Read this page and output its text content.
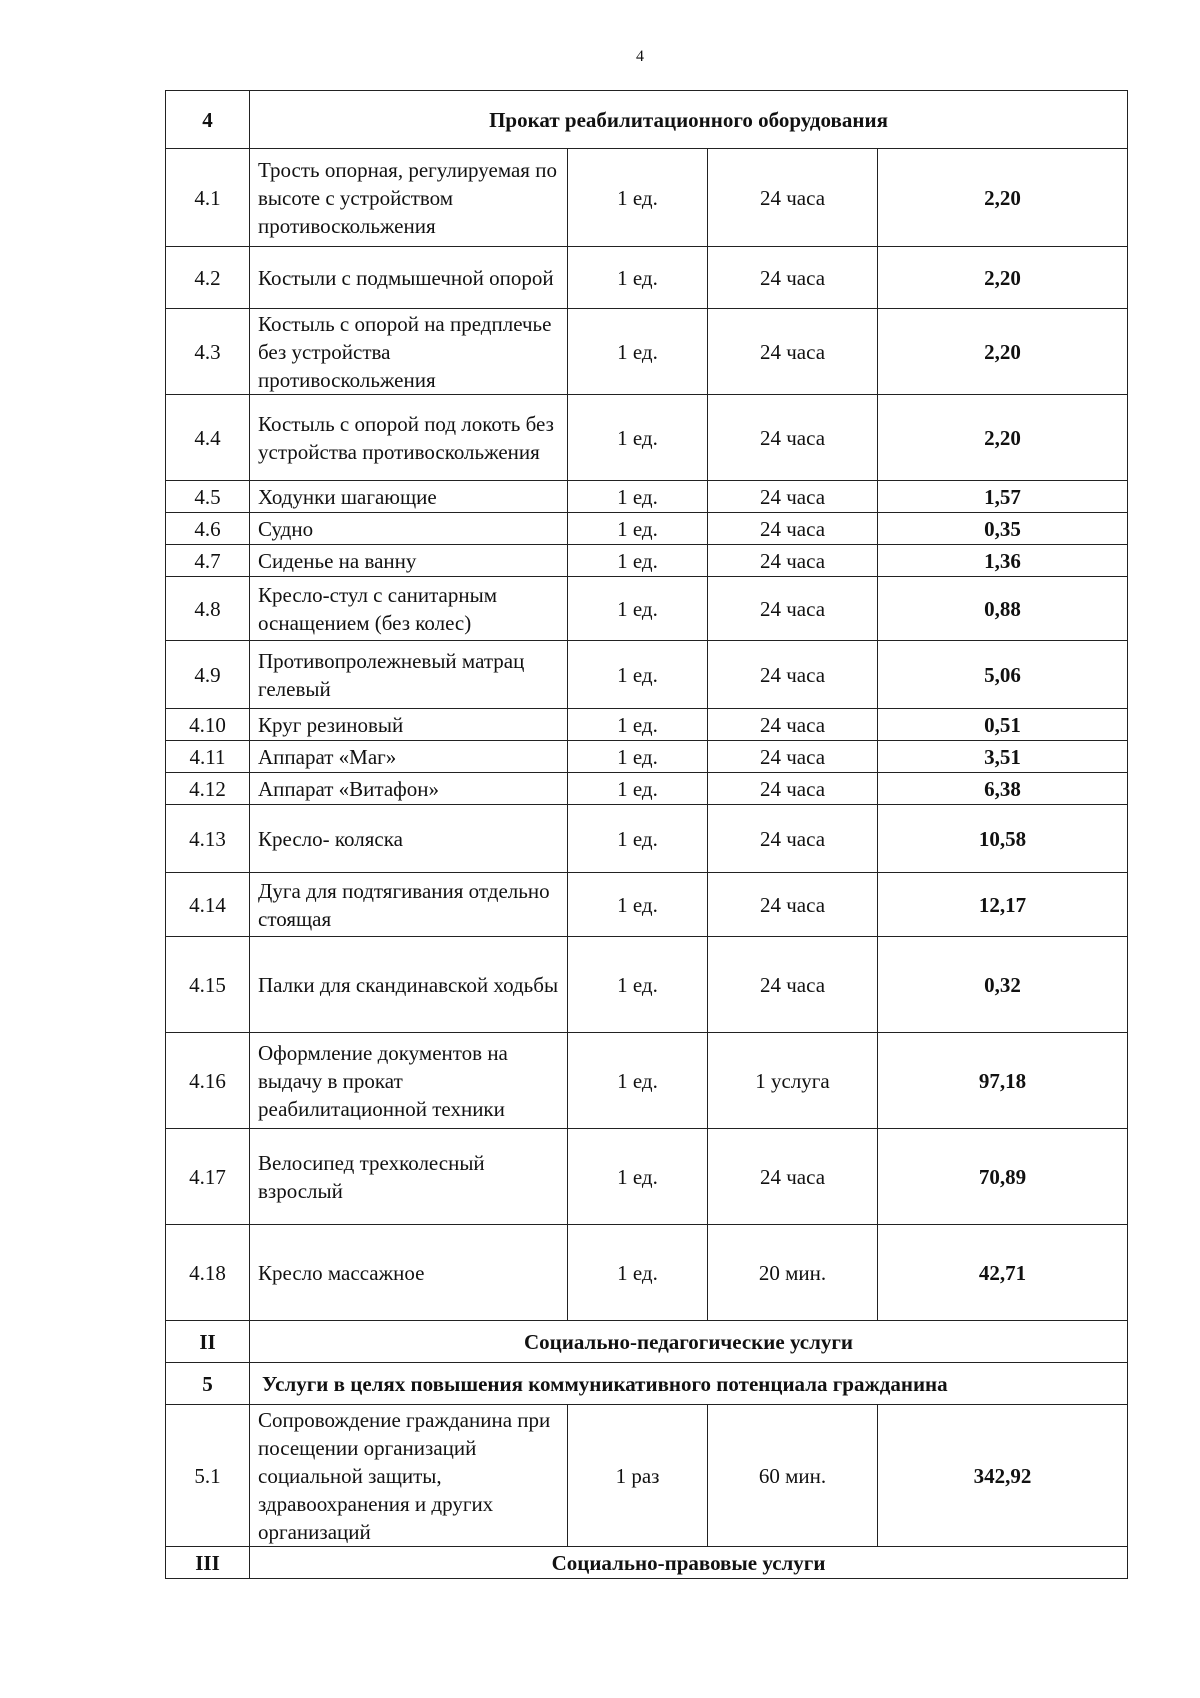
4
4	Прокат реабилитационного оборудования			
4.1	Трость опорная, регулируемая по высоте с устройством противоскольжения	1 ед.	24 часа	2,20
4.2	Костыли с подмышечной опорой	1 ед.	24 часа	2,20
4.3	Костыль с опорой на предплечье без устройства противоскольжения	1 ед.	24 часа	2,20
4.4	Костыль с опорой под локоть без устройства противоскольжения	1 ед.	24 часа	2,20
4.5	Ходунки шагающие	1 ед.	24 часа	1,57
4.6	Судно	1 ед.	24 часа	0,35
4.7	Сиденье на ванну	1 ед.	24 часа	1,36
4.8	Кресло-стул с санитарным оснащением (без колес)	1 ед.	24 часа	0,88
4.9	Противопролежневый матрац гелевый	1 ед.	24 часа	5,06
4.10	Круг резиновый	1 ед.	24 часа	0,51
4.11	Аппарат «Маг»	1 ед.	24 часа	3,51
4.12	Аппарат «Витафон»	1 ед.	24 часа	6,38
4.13	Кресло- коляска	1 ед.	24 часа	10,58
4.14	Дуга для подтягивания отдельно стоящая	1 ед.	24 часа	12,17
4.15	Палки для скандинавской ходьбы	1 ед.	24 часа	0,32
4.16	Оформление документов на выдачу в прокат реабилитационной техники	1 ед.	1 услуга	97,18
4.17	Велосипед трехколесный взрослый	1 ед.	24 часа	70,89
4.18	Кресло массажное	1 ед.	20 мин.	42,71
II	Социально-педагогические услуги			
5	Услуги в целях повышения коммуникативного потенциала гражданина			
5.1	Сопровождение гражданина при посещении организаций социальной защиты, здравоохранения и других организаций	1 раз	60 мин.	342,92
III	Социально-правовые услуги			
